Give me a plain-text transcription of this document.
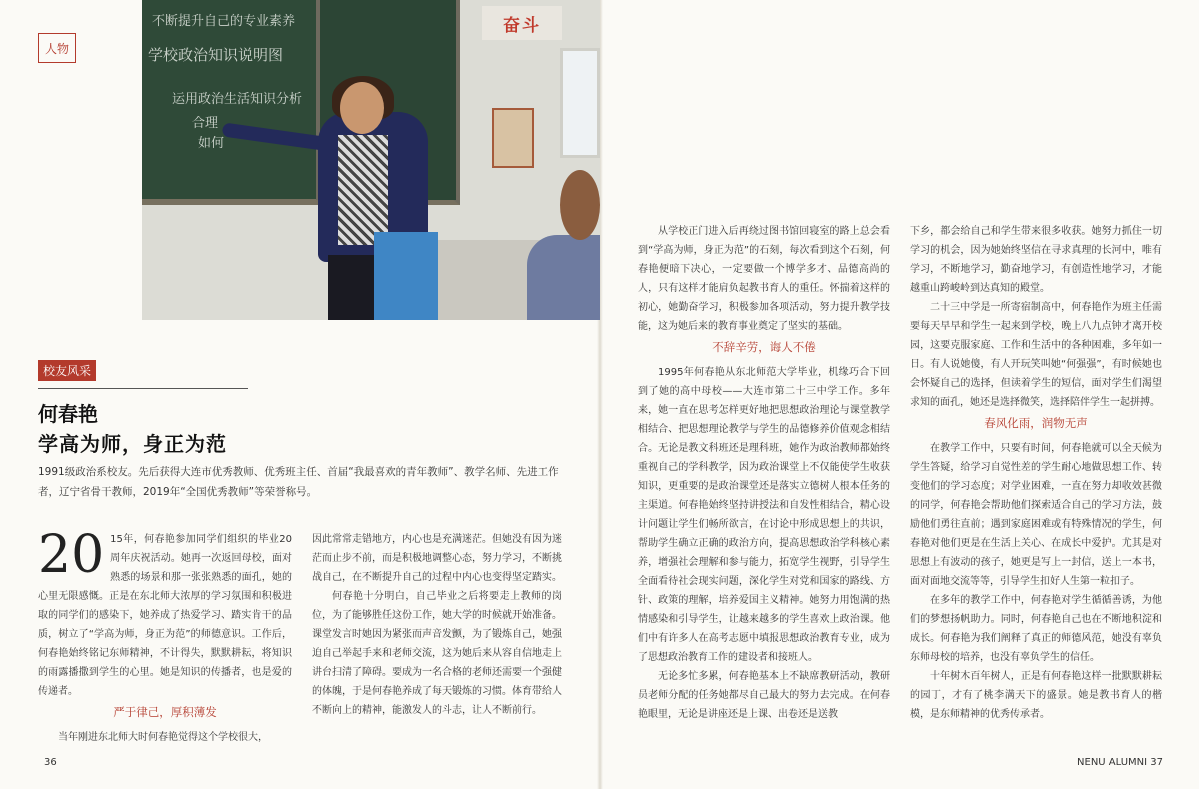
人物
不断提升自己的专业素养
学校政治知识说明图
运用政治生活知识分析
合理
如何
奋斗
校友风采
何春艳
学高为师，身正为范
1991级政治系校友。先后获得大连市优秀教师、优秀班主任、首届“我最喜欢的青年教师”、教学名师、先进工作者，辽宁省骨干教师，2019年“全国优秀教师”等荣誉称号。
20 15年，何春艳参加同学们组织的毕业20周年庆祝活动。她再一次返回母校，面对熟悉的场景和那一张张熟悉的面孔，她的心里无限感慨。正是在东北师大浓厚的学习氛围和积极进取的同学们的感染下，她养成了热爱学习、踏实肯干的品质，树立了“学高为师，身正为范”的师德意识。工作后，何春艳始终铭记东师精神，不计得失，默默耕耘，将知识的雨露播撒到学生的心里。她是知识的传播者，也是爱的传递者。

严于律己，厚积薄发

当年刚进东北师大时何春艳觉得这个学校很大，

因此常常走错地方，内心也是充满迷茫。但她没有因为迷茫而止步不前，而是积极地调整心态，努力学习，不断挑战自己，在不断提升自己的过程中内心也变得坚定踏实。

何春艳十分明白，自己毕业之后将要走上教师的岗位，为了能够胜任这份工作，她大学的时候就开始准备。课堂发言时她因为紧张而声音发颤，为了锻炼自己，她强迫自己举起手来和老师交流，这为她后来从容自信地走上讲台扫清了障碍。要成为一名合格的老师还需要一个强健的体魄，于是何春艳养成了每天锻炼的习惯。体育带给人不断向上的精神，能激发人的斗志，让人不断前行。

从学校正门进入后再绕过图书馆回寝室的路上总会看到“学高为师，身正为范”的石刻，每次看到这个石刻，何春艳便暗下决心，一定要做一个博学多才、品德高尚的人，只有这样才能肩负起教书育人的重任。怀揣着这样的初心，她勤奋学习，积极参加各项活动，努力提升教学技能，这为她后来的教育事业奠定了坚实的基础。

不辞辛劳，诲人不倦

1995年何春艳从东北师范大学毕业，机缘巧合下回到了她的高中母校——大连市第二十三中学工作。多年来，她一直在思考怎样更好地把思想政治理论与课堂教学相结合、把思想理论教学与学生的品德修养价值观念相结合。无论是教文科班还是理科班，她作为政治教师都始终重视自己的学科教学，因为政治课堂上不仅能使学生收获知识，更重要的是政治课堂还是落实立德树人根本任务的主渠道。何春艳始终坚持讲授法和自发性相结合，精心设计问题让学生们畅所欲言，在讨论中形成思想上的共识，帮助学生确立正确的政治方向，提高思想政治学科核心素养，增强社会理解和参与能力，拓宽学生视野，引导学生全面看待社会现实问题，深化学生对党和国家的路线、方针、政策的理解，培养爱国主义精神。她努力用饱满的热情感染和引导学生，让越来越多的学生喜欢上政治课。他们中有许多人在高考志愿中填报思想政治教育专业，成为了思想政治教育工作的建设者和接班人。

无论多忙多累，何春艳基本上不缺席教研活动，教研员老师分配的任务她都尽自己最大的努力去完成。在何春艳眼里，无论是讲座还是上课、出卷还是送教

下乡，都会给自己和学生带来很多收获。她努力抓住一切学习的机会，因为她始终坚信在寻求真理的长河中，唯有学习，不断地学习，勤奋地学习，有创造性地学习，才能越重山跨峻岭到达真知的殿堂。

二十三中学是一所寄宿制高中，何春艳作为班主任需要每天早早和学生一起来到学校，晚上八九点钟才离开校园，这要克服家庭、工作和生活中的各种困难，多年如一日。有人说她傻，有人开玩笑叫她“何强强”，有时候她也会怀疑自己的选择，但读着学生的短信，面对学生们渴望求知的面孔，她还是选择微笑，选择陪伴学生一起拼搏。

春风化雨，润物无声

在教学工作中，只要有时间，何春艳就可以全天候为学生答疑，给学习自觉性差的学生耐心地做思想工作、转变他们的学习态度；对学业困难，一直在努力却收效甚微的同学，何春艳会帮助他们探索适合自己的学习方法，鼓励他们勇往直前；遇到家庭困难或有特殊情况的学生，何春艳对他们更是在生活上关心、在成长中爱护。尤其是对思想上有波动的孩子，她更是写上一封信，送上一本书，面对面地交流等等，引导学生扣好人生第一粒扣子。

在多年的教学工作中，何春艳对学生循循善诱，为他们的梦想扬帆助力。同时，何春艳自己也在不断地积淀和成长。何春艳为我们阐释了真正的师德风范，她没有辜负东师母校的培养，也没有辜负学生的信任。

十年树木百年树人，正是有何春艳这样一批默默耕耘的园丁，才有了桃李满天下的盛景。她是教书育人的楷模，是东师精神的优秀传承者。

36	NENU ALUMNI 37
